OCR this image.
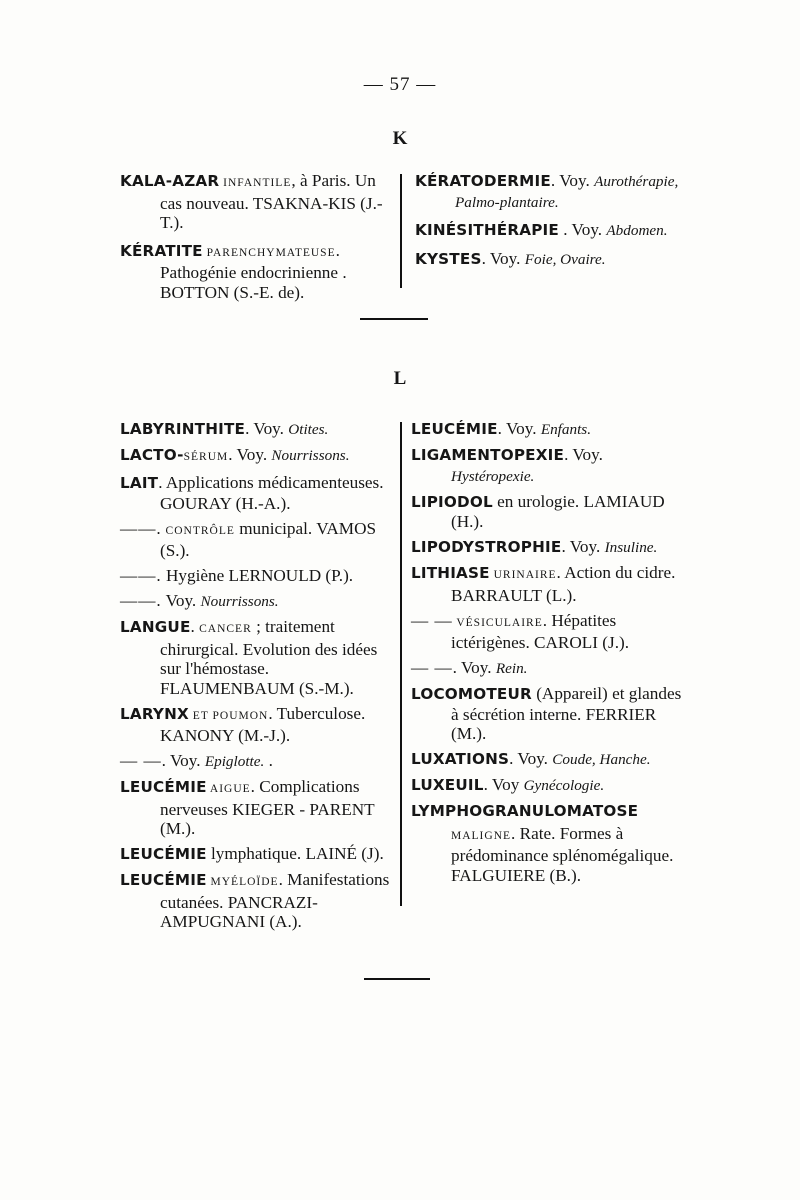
— 57 —
K

KALA-AZAR INFANTILE, à Paris. Un cas nouveau. TSAKNA-KIS (J.-T.).

KÉRATITE PARENCHYMATEUSE. Pathogénie endocrinienne . BOTTON (S.-E. de).

KÉRATODERMIE. Voy. Aurothérapie, Palmo-plantaire.

KINÉSITHÉRAPIE . Voy. Abdomen.

KYSTES. Voy. Foie, Ovaire.

L

LABYRINTHITE. Voy. Otites.

LACTO-SÉRUM. Voy. Nourrissons.

LAIT. Applications médicamenteuses. GOURAY (H.-A.).

——. CONTRÔLE municipal. VAMOS (S.).

——. Hygiène LERNOULD (P.).

——. Voy. Nourrissons.

LANGUE. CANCER ; traitement chirurgical. Evolution des idées sur l'hémostase. FLAUMENBAUM (S.-M.).

LARYNX ET POUMON. Tuberculose. KANONY (M.-J.).

— —. Voy. Epiglotte. .

LEUCÉMIE AIGUE. Complications nerveuses KIEGER - PARENT (M.).

LEUCÉMIE lymphatique. LAINÉ (J).

LEUCÉMIE MYÉLOÏDE. Manifestations cutanées. PANCRAZI-AMPUGNANI (A.).

LEUCÉMIE. Voy. Enfants.

LIGAMENTOPEXIE. Voy. Hystéropexie.

LIPIODOL en urologie. LAMIAUD (H.).

LIPODYSTROPHIE. Voy. Insuline.

LITHIASE URINAIRE. Action du cidre. BARRAULT (L.).

— — VÉSICULAIRE. Hépatites ictérigènes. CAROLI (J.).

— —. Voy. Rein.

LOCOMOTEUR (Appareil) et glandes à sécrétion interne. FERRIER (M.).

LUXATIONS. Voy. Coude, Hanche.

LUXEUIL. Voy Gynécologie.

LYMPHOGRANULOMATOSE MALIGNE. Rate. Formes à prédominance splénomégalique. FALGUIERE (B.).
